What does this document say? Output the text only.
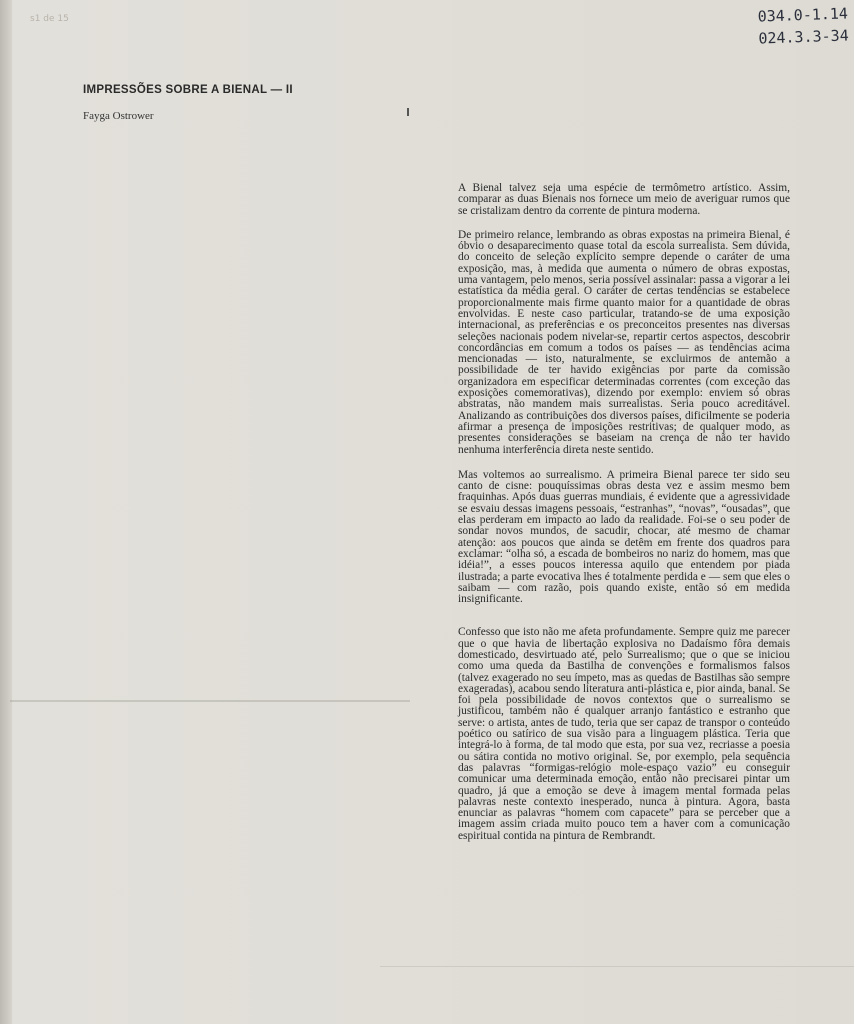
s1 de 15	034.0-1.14
024.3.3-34
IMPRESSÕES SOBRE A BIENAL — II
Fayga Ostrower

A Bienal talvez seja uma espécie de termômetro artístico. Assim, comparar as duas Bienais nos fornece um meio de averiguar rumos que se cristalizam dentro da corrente de pintura moderna.

De primeiro relance, lembrando as obras expostas na primeira Bienal, é óbvio o desaparecimento quase total da escola surrealista. Sem dúvida, do conceito de seleção explícito sempre depende o caráter de uma exposição, mas, à medida que aumenta o número de obras expostas, uma vantagem, pelo menos, seria possível assinalar: passa a vigorar a lei estatística da média geral. O caráter de certas tendências se estabelece proporcionalmente mais firme quanto maior for a quantidade de obras envolvidas. E neste caso particular, tratando-se de uma exposição internacional, as preferências e os preconceitos presentes nas diversas seleções nacionais podem nivelar-se, repartir certos aspectos, descobrir concordâncias em comum a todos os países — as tendências acima mencionadas — isto, naturalmente, se excluirmos de antemão a possibilidade de ter havido exigências por parte da comissão organizadora em especificar determinadas correntes (com exceção das exposições comemorativas), dizendo por exemplo: enviem só obras abstratas, não mandem mais surrealistas. Seria pouco acreditável. Analizando as contribuições dos diversos países, dificilmente se poderia afirmar a presença de imposições restritivas; de qualquer modo, as presentes considerações se baseiam na crença de não ter havido nenhuma interferência direta neste sentido.

Mas voltemos ao surrealismo. A primeira Bienal parece ter sido seu canto de cisne: pouquíssimas obras desta vez e assim mesmo bem fraquinhas. Após duas guerras mundiais, é evidente que a agressividade se esvaiu dessas imagens pessoais, “estranhas”, “novas”, “ousadas”, que elas perderam em impacto ao lado da realidade. Foi-se o seu poder de sondar novos mundos, de sacudir, chocar, até mesmo de chamar atenção: aos poucos que ainda se detêm em frente dos quadros para exclamar: “olha só, a escada de bombeiros no nariz do homem, mas que idéia!”, a esses poucos interessa aquilo que entendem por piada ilustrada; a parte evocativa lhes é totalmente perdida e — sem que eles o saibam — com razão, pois quando existe, então só em medida insignificante.

Confesso que isto não me afeta profundamente. Sempre quiz me parecer que o que havia de libertação explosiva no Dadaísmo fôra demais domesticado, desvirtuado até, pelo Surrealismo; que o que se iniciou como uma queda da Bastilha de convenções e formalismos falsos (talvez exagerado no seu ímpeto, mas as quedas de Bastilhas são sempre exageradas), acabou sendo literatura anti-plástica e, pior ainda, banal. Se foi pela possibilidade de novos contextos que o surrealismo se justificou, também não é qualquer arranjo fantástico e estranho que serve: o artista, antes de tudo, teria que ser capaz de transpor o conteúdo poético ou satírico de sua visão para a linguagem plástica. Teria que integrá-lo à forma, de tal modo que esta, por sua vez, recriasse a poesia ou sátira contida no motivo original. Se, por exemplo, pela sequência das palavras “formigas-relógio mole-espaço vazio” eu conseguir comunicar uma determinada emoção, então não precisarei pintar um quadro, já que a emoção se deve à imagem mental formada pelas palavras neste contexto inesperado, nunca à pintura. Agora, basta enunciar as palavras “homem com capacete” para se perceber que a imagem assim criada muito pouco tem a haver com a comunicação espiritual contida na pintura de Rembrandt.
